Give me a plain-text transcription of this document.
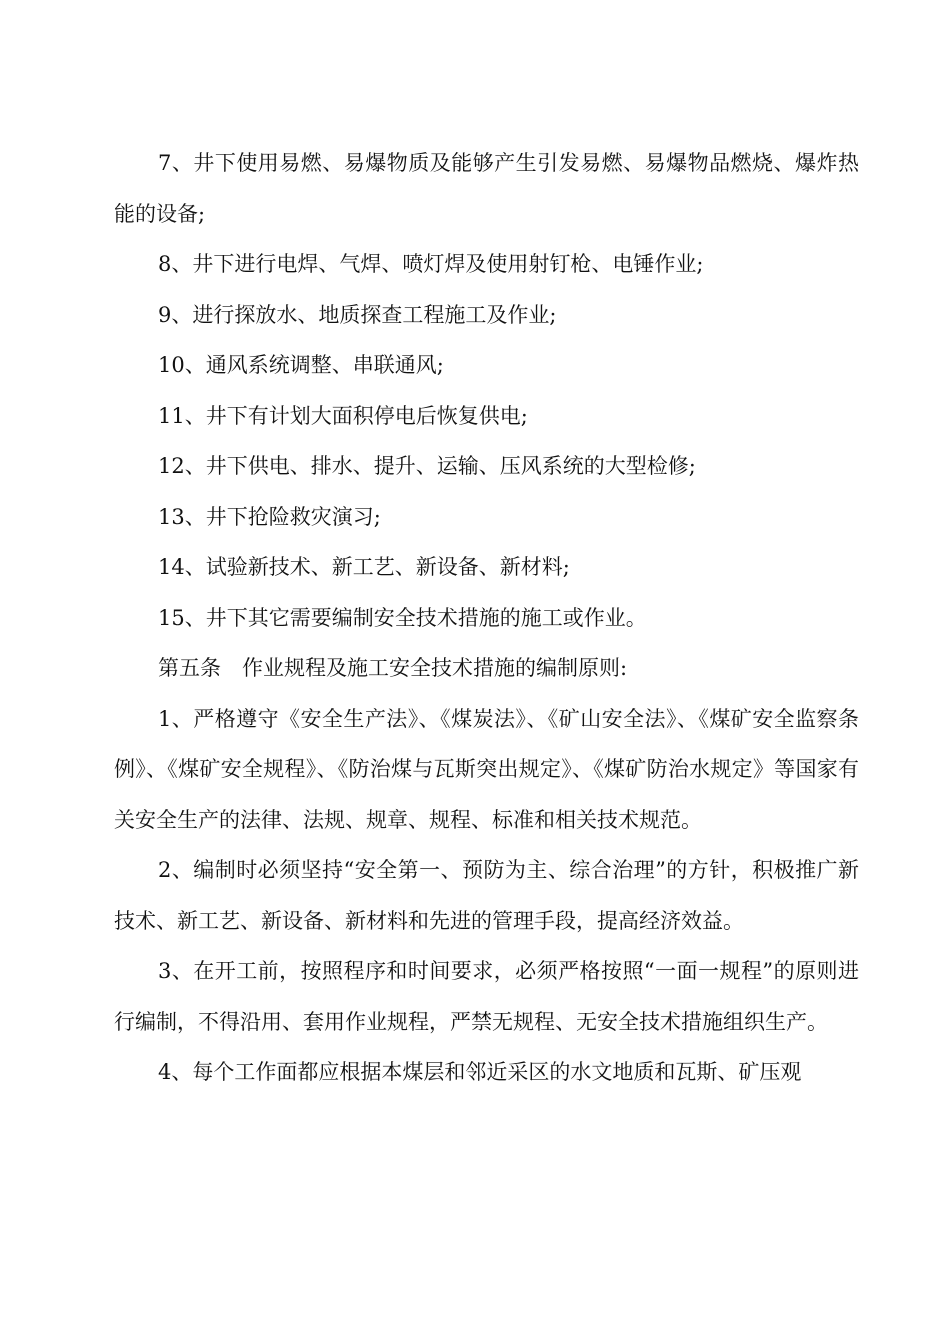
7、井下使用易燃、易爆物质及能够产生引发易燃、易爆物品燃烧、爆炸热能的设备;

8、井下进行电焊、气焊、喷灯焊及使用射钉枪、电锤作业;

9、进行探放水、地质探查工程施工及作业;

10、通风系统调整、串联通风;

11、井下有计划大面积停电后恢复供电;

12、井下供电、排水、提升、运输、压风系统的大型检修;

13、井下抢险救灾演习;

14、试验新技术、新工艺、新设备、新材料;

15、井下其它需要编制安全技术措施的施工或作业。

第五条　作业规程及施工安全技术措施的编制原则:

1、严格遵守《安全生产法》、《煤炭法》、《矿山安全法》、《煤矿安全监察条例》、《煤矿安全规程》、《防治煤与瓦斯突出规定》、《煤矿防治水规定》等国家有关安全生产的法律、法规、规章、规程、标准和相关技术规范。

2、编制时必须坚持“安全第一、预防为主、综合治理”的方针，积极推广新技术、新工艺、新设备、新材料和先进的管理手段，提高经济效益。

3、在开工前，按照程序和时间要求，必须严格按照“一面一规程”的原则进行编制，不得沿用、套用作业规程，严禁无规程、无安全技术措施组织生产。

4、每个工作面都应根据本煤层和邻近采区的水文地质和瓦斯、矿压观
